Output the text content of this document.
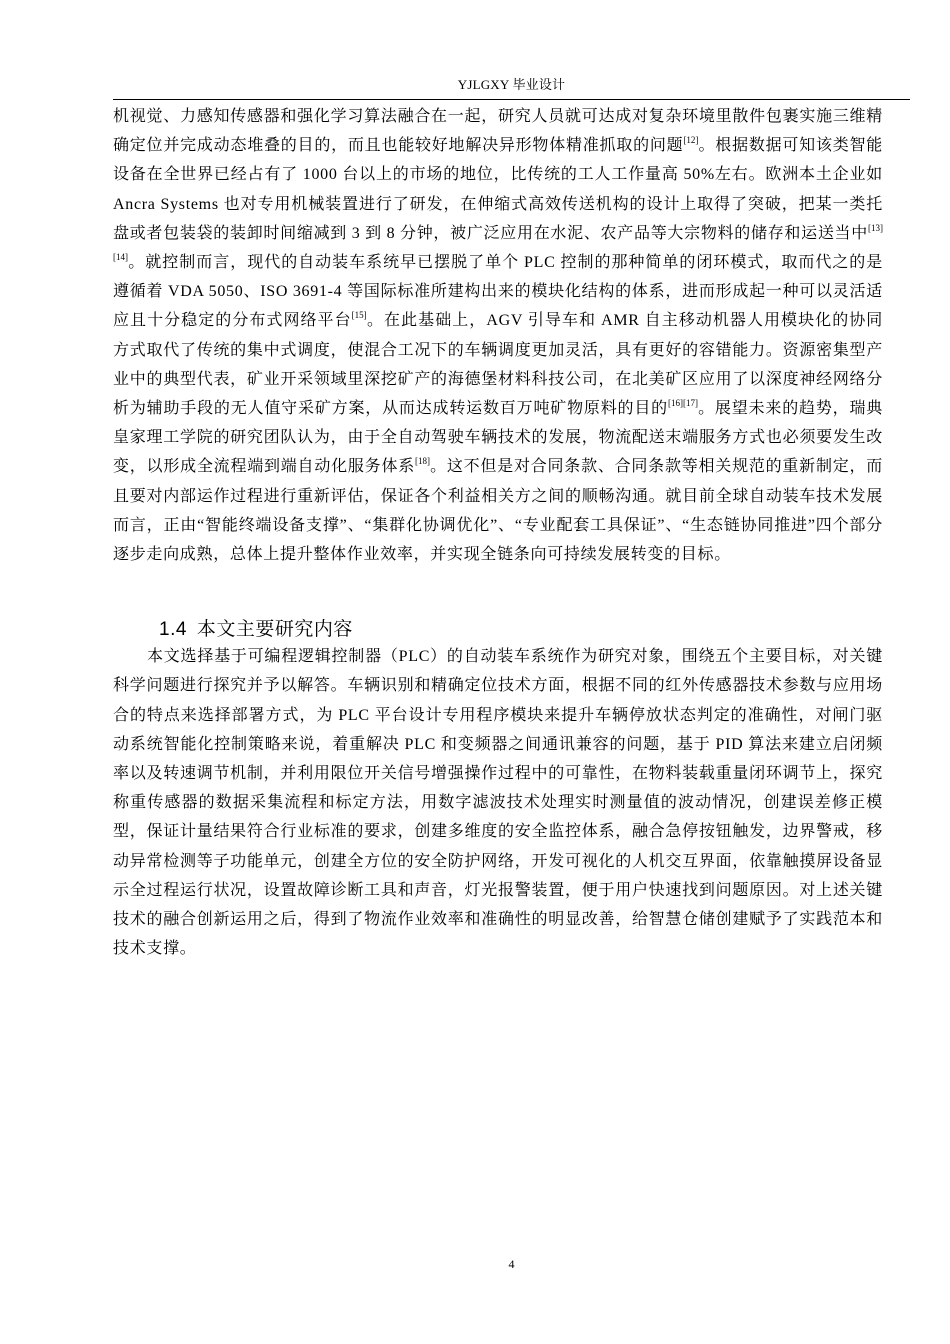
YJLGXY 毕业设计

机视觉、力感知传感器和强化学习算法融合在一起，研究人员就可达成对复杂环境里散件包裹实施三维精确定位并完成动态堆叠的目的，而且也能较好地解决异形物体精准抓取的问题[12]。根据数据可知该类智能设备在全世界已经占有了 1000 台以上的市场的地位，比传统的工人工作量高 50%左右。欧洲本土企业如 Ancra Systems 也对专用机械装置进行了研发，在伸缩式高效传送机构的设计上取得了突破，把某一类托盘或者包装袋的装卸时间缩减到 3 到 8 分钟，被广泛应用在水泥、农产品等大宗物料的储存和运送当中[13][14]。就控制而言，现代的自动装车系统早已摆脱了单个 PLC 控制的那种简单的闭环模式，取而代之的是遵循着 VDA 5050、ISO 3691-4 等国际标准所建构出来的模块化结构的体系，进而形成起一种可以灵活适应且十分稳定的分布式网络平台[15]。在此基础上，AGV 引导车和 AMR 自主移动机器人用模块化的协同方式取代了传统的集中式调度，使混合工况下的车辆调度更加灵活，具有更好的容错能力。资源密集型产业中的典型代表，矿业开采领域里深挖矿产的海德堡材料科技公司，在北美矿区应用了以深度神经网络分析为辅助手段的无人值守采矿方案，从而达成转运数百万吨矿物原料的目的[16][17]。展望未来的趋势，瑞典皇家理工学院的研究团队认为，由于全自动驾驶车辆技术的发展，物流配送末端服务方式也必须要发生改变，以形成全流程端到端自动化服务体系[18]。这不但是对合同条款、合同条款等相关规范的重新制定，而且要对内部运作过程进行重新评估，保证各个利益相关方之间的顺畅沟通。就目前全球自动装车技术发展而言，正由“智能终端设备支撑”、“集群化协调优化”、“专业配套工具保证”、“生态链协同推进”四个部分逐步走向成熟，总体上提升整体作业效率，并实现全链条向可持续发展转变的目标。

1.4 本文主要研究内容

本文选择基于可编程逻辑控制器（PLC）的自动装车系统作为研究对象，围绕五个主要目标，对关键科学问题进行探究并予以解答。车辆识别和精确定位技术方面，根据不同的红外传感器技术参数与应用场合的特点来选择部署方式，为 PLC 平台设计专用程序模块来提升车辆停放状态判定的准确性，对闸门驱动系统智能化控制策略来说，着重解决 PLC 和变频器之间通讯兼容的问题，基于 PID 算法来建立启闭频率以及转速调节机制，并利用限位开关信号增强操作过程中的可靠性，在物料装载重量闭环调节上，探究称重传感器的数据采集流程和标定方法，用数字滤波技术处理实时测量值的波动情况，创建误差修正模型，保证计量结果符合行业标准的要求，创建多维度的安全监控体系，融合急停按钮触发，边界警戒，移动异常检测等子功能单元，创建全方位的安全防护网络，开发可视化的人机交互界面，依靠触摸屏设备显示全过程运行状况，设置故障诊断工具和声音，灯光报警装置，便于用户快速找到问题原因。对上述关键技术的融合创新运用之后，得到了物流作业效率和准确性的明显改善，给智慧仓储创建赋予了实践范本和技术支撑。

4
